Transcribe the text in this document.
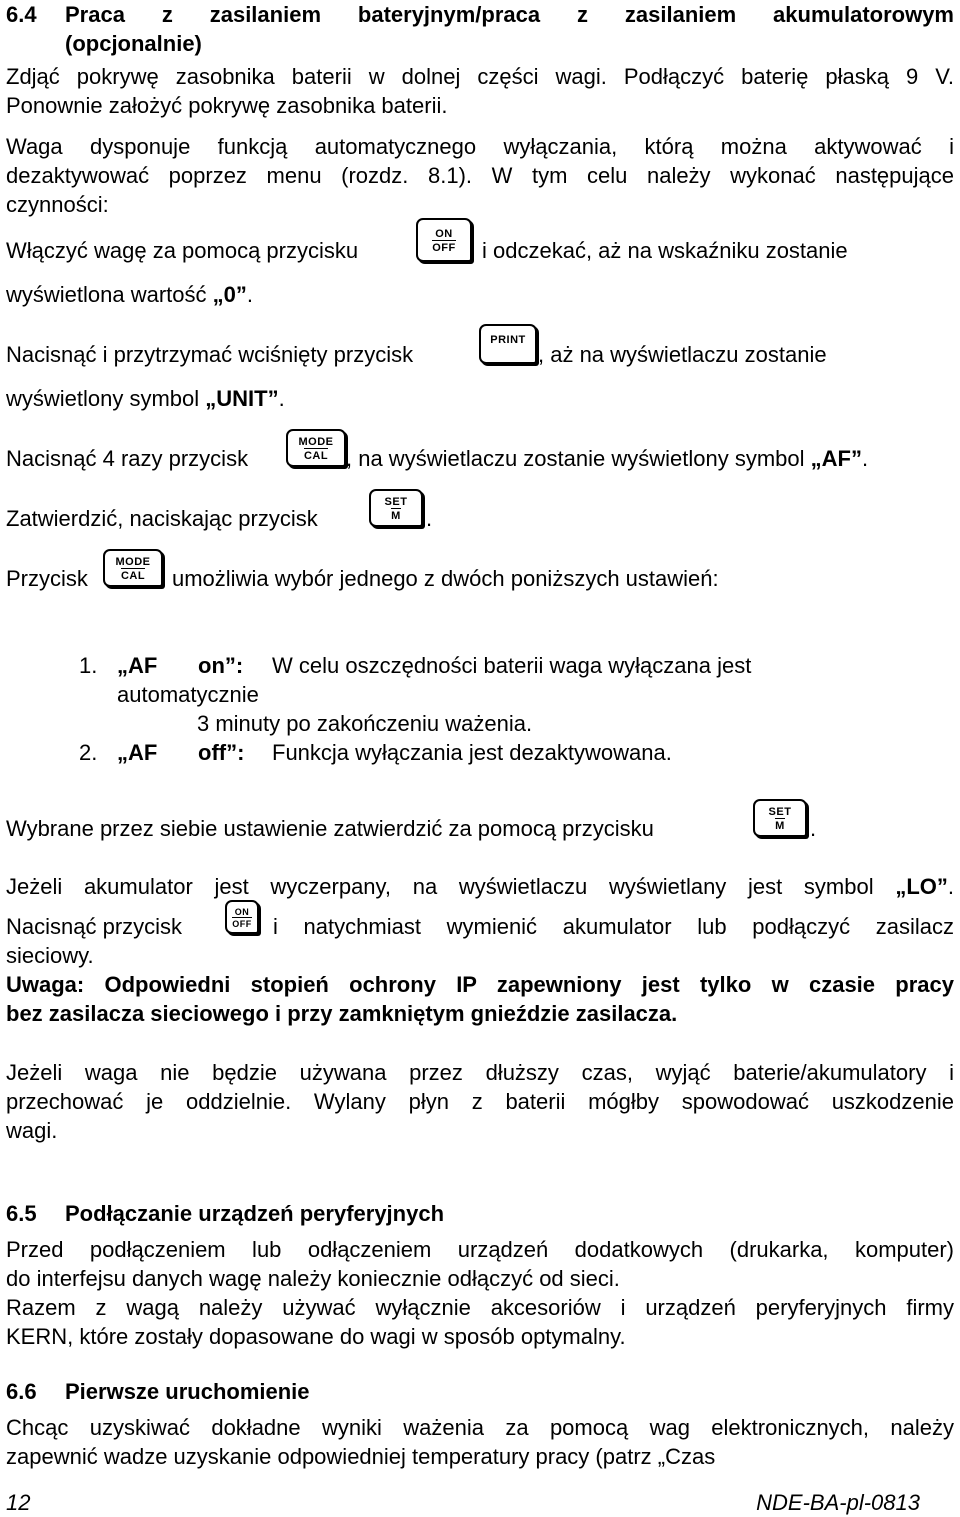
6.4	Praca z zasilaniem bateryjnym/praca z zasilaniem akumulatorowym
(opcjonalnie)
Zdjąć pokrywę zasobnika baterii w dolnej części wagi. Podłączyć baterię płaską 9 V.
Ponownie założyć pokrywę zasobnika baterii.
Waga dysponuje funkcją automatycznego wyłączania, którą można aktywować i
dezaktywować poprzez menu (rozdz. 8.1). W tym celu należy wykonać następujące
czynności:
Włączyć wagę za pomocą przycisku
ON
OFF	i odczekać, aż na wskaźniku zostanie
wyświetlona wartość „0”.
Nacisnąć i przytrzymać wciśnięty przycisk
PRINT
, aż na wyświetlaczu zostanie
wyświetlony symbol „UNIT”.
Nacisnąć 4 razy przycisk
MODE
CAL , na wyświetlaczu zostanie wyświetlony symbol „AF”.
Zatwierdzić, naciskając przycisk
SET
M	.
Przycisk
MODE
CAL	umożliwia wybór jednego z dwóch poniższych ustawień:
1. „AF on”: W celu oszczędności baterii waga wyłączana jest
automatycznie
3 minuty po zakończeniu ważenia.
2. „AF off”: Funkcja wyłączania jest dezaktywowana.
Wybrane przez siebie ustawienie zatwierdzić za pomocą przycisku
SET
M	.
Jeżeli akumulator jest wyczerpany, na wyświetlaczu wyświetlany jest symbol „LO”.
Nacisnąć przycisk
ON
OFF i natychmiast wymienić akumulator lub podłączyć zasilacz
sieciowy.
Uwaga: Odpowiedni stopień ochrony IP zapewniony jest tylko w czasie pracy
bez zasilacza sieciowego i przy zamkniętym gnieździe zasilacza.
Jeżeli waga nie będzie używana przez dłuższy czas, wyjąć baterie/akumulatory i
przechować je oddzielnie. Wylany płyn z baterii mógłby spowodować uszkodzenie
wagi.
6.5 Podłączanie urządzeń peryferyjnych
Przed podłączeniem lub odłączeniem urządzeń dodatkowych (drukarka, komputer)
do interfejsu danych wagę należy koniecznie odłączyć od sieci.
Razem z wagą należy używać wyłącznie akcesoriów i urządzeń peryferyjnych firmy
KERN, które zostały dopasowane do wagi w sposób optymalny.
6.6 Pierwsze uruchomienie
Chcąc uzyskiwać dokładne wyniki ważenia za pomocą wag elektronicznych, należy
zapewnić wadze uzyskanie odpowiedniej temperatury pracy (patrz „Czas
12	NDE-BA-pl-0813
